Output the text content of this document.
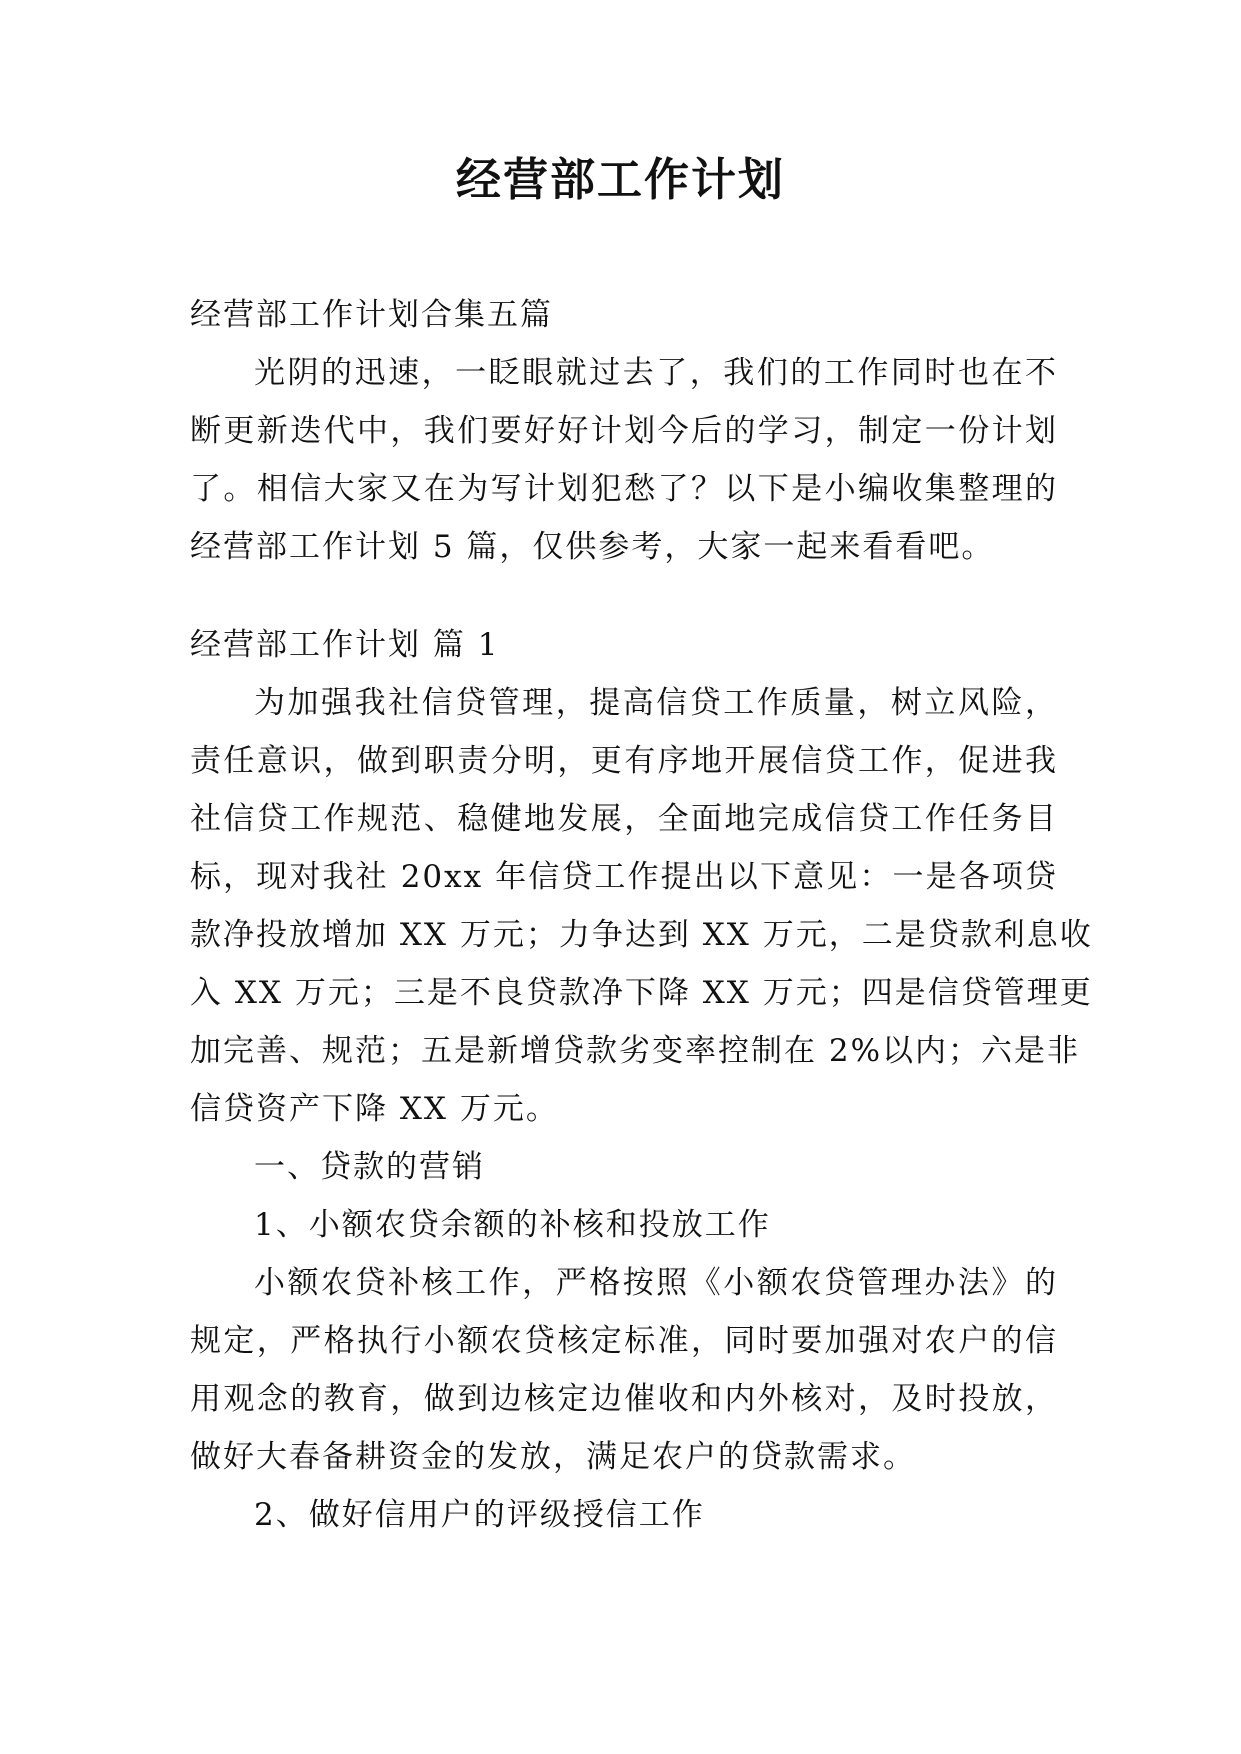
经营部工作计划
经营部工作计划合集五篇
光阴的迅速，一眨眼就过去了，我们的工作同时也在不
断更新迭代中，我们要好好计划今后的学习，制定一份计划
了。相信大家又在为写计划犯愁了？以下是小编收集整理的
经营部工作计划 5 篇，仅供参考，大家一起来看看吧。
经营部工作计划 篇 1
为加强我社信贷管理，提高信贷工作质量，树立风险，
责任意识，做到职责分明，更有序地开展信贷工作，促进我
社信贷工作规范、稳健地发展，全面地完成信贷工作任务目
标，现对我社 20xx 年信贷工作提出以下意见：一是各项贷
款净投放增加 XX 万元；力争达到 XX 万元，二是贷款利息收
入 XX 万元；三是不良贷款净下降 XX 万元；四是信贷管理更
加完善、规范；五是新增贷款劣变率控制在 2%以内；六是非
信贷资产下降 XX 万元。
一、贷款的营销
1、小额农贷余额的补核和投放工作
小额农贷补核工作，严格按照《小额农贷管理办法》的
规定，严格执行小额农贷核定标准，同时要加强对农户的信
用观念的教育，做到边核定边催收和内外核对，及时投放，
做好大春备耕资金的发放，满足农户的贷款需求。
2、做好信用户的评级授信工作
